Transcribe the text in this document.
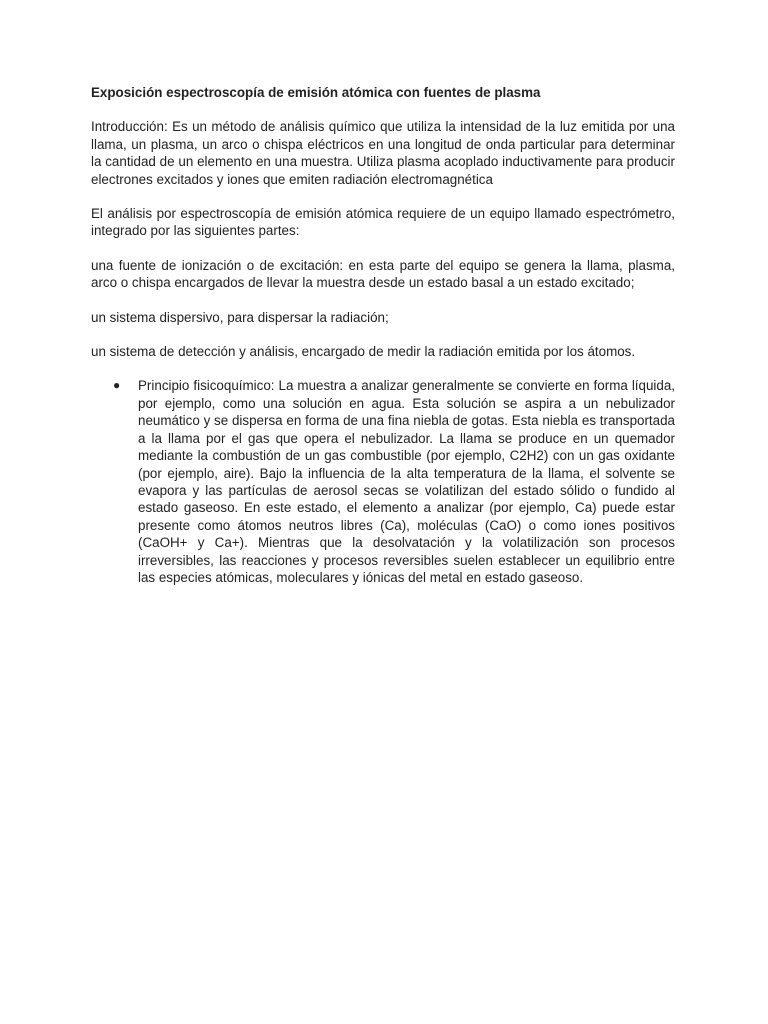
Exposición espectroscopía de emisión atómica con fuentes de plasma

Introducción: Es un método de análisis químico que utiliza la intensidad de la luz emitida por una llama, un plasma, un arco o chispa eléctricos en una longitud de onda particular para determinar la cantidad de un elemento en una muestra. Utiliza plasma acoplado inductivamente para producir electrones excitados y iones que emiten radiación electromagnética

El análisis por espectroscopía de emisión atómica requiere de un equipo llamado espectrómetro, integrado por las siguientes partes:

una fuente de ionización o de excitación: en esta parte del equipo se genera la llama, plasma, arco o chispa encargados de llevar la muestra desde un estado basal a un estado excitado;

un sistema dispersivo, para dispersar la radiación;

un sistema de detección y análisis, encargado de medir la radiación emitida por los átomos.

● Principio fisicoquímico: La muestra a analizar generalmente se convierte en forma líquida, por ejemplo, como una solución en agua. Esta solución se aspira a un nebulizador neumático y se dispersa en forma de una fina niebla de gotas. Esta niebla es transportada a la llama por el gas que opera el nebulizador. La llama se produce en un quemador mediante la combustión de un gas combustible (por ejemplo, C2H2) con un gas oxidante (por ejemplo, aire). Bajo la influencia de la alta temperatura de la llama, el solvente se evapora y las partículas de aerosol secas se volatilizan del estado sólido o fundido al estado gaseoso. En este estado, el elemento a analizar (por ejemplo, Ca) puede estar presente como átomos neutros libres (Ca), moléculas (CaO) o como iones positivos (CaOH+ y Ca+). Mientras que la desolvatación y la volatilización son procesos irreversibles, las reacciones y procesos reversibles suelen establecer un equilibrio entre las especies atómicas, moleculares y iónicas del metal en estado gaseoso.
